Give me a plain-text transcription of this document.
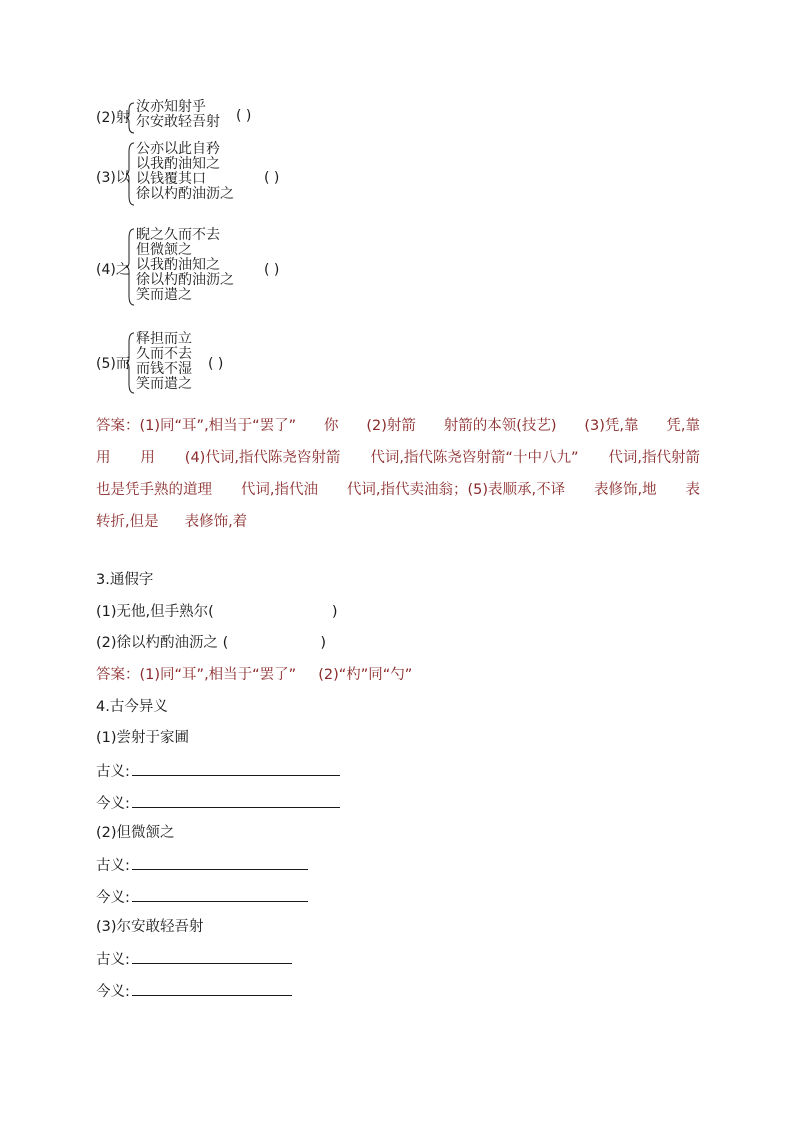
(2)射
汝亦知射乎
尔安敢轻吾射 ( )
(3)以
公亦以此自矜
以我酌油知之
以钱覆其口
徐以杓酌油沥之
( )
(4)之
睨之久而不去
但微颔之
以我酌油知之
徐以杓酌油沥之
笑而遣之
( )
(5)而
释担而立
久而不去
而钱不湿
笑而遣之
( )
答案：(1)同“耳”,相当于“罢了” 你 (2)射箭 射箭的本领(技艺) (3)凭,靠 凭,靠
用 用 (4)代词,指代陈尧咨射箭 代词,指代陈尧咨射箭“十中八九” 代词,指代射箭
也是凭手熟的道理 代词,指代油 代词,指代卖油翁；(5)表顺承,不译 表修饰,地 表
转折,但是 表修饰,着
3.通假字
(1)无他,但手熟尔(	)
(2)徐以杓酌油沥之 (	)
答案：(1)同“耳”,相当于“罢了” (2)“杓”同“勺”
4.古今异义
(1)尝射于家圃
古义:
今义:
(2)但微颔之
古义:
今义:
(3)尔安敢轻吾射
古义:
今义:
